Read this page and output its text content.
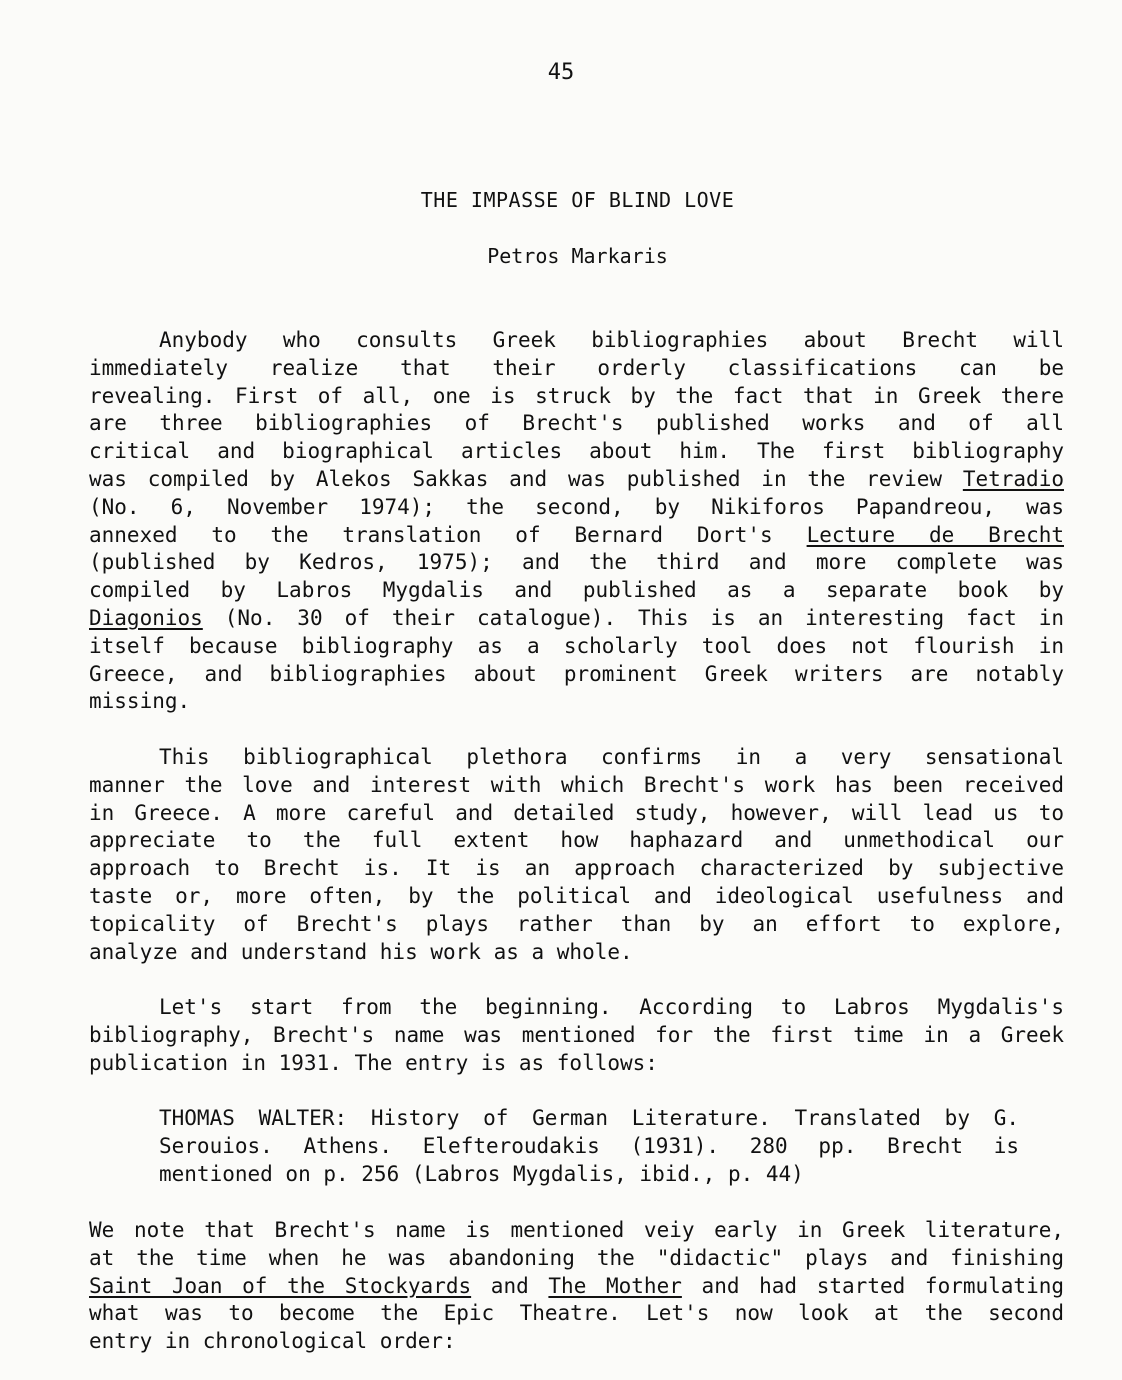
45
THE IMPASSE OF BLIND LOVE
Petros Markaris
Anybody who consults Greek bibliographies about Brecht will
immediately realize that their orderly classifications can be
revealing. First of all, one is struck by the fact that in Greek there
are three bibliographies of Brecht's published works and of all
critical and biographical articles about him. The first bibliography
was compiled by Alekos Sakkas and was published in the review Tetradio
(No. 6, November 1974); the second, by Nikiforos Papandreou, was
annexed to the translation of Bernard Dort's Lecture de Brecht
(published by Kedros, 1975); and the third and more complete was
compiled by Labros Mygdalis and published as a separate book by
Diagonios (No. 30 of their catalogue). This is an interesting fact in
itself because bibliography as a scholarly tool does not flourish in
Greece, and bibliographies about prominent Greek writers are notably
missing.
This bibliographical plethora confirms in a very sensational
manner the love and interest with which Brecht's work has been received
in Greece. A more careful and detailed study, however, will lead us to
appreciate to the full extent how haphazard and unmethodical our
approach to Brecht is. It is an approach characterized by subjective
taste or, more often, by the political and ideological usefulness and
topicality of Brecht's plays rather than by an effort to explore,
analyze and understand his work as a whole.
Let's start from the beginning. According to Labros Mygdalis's
bibliography, Brecht's name was mentioned for the first time in a Greek
publication in 1931. The entry is as follows:
THOMAS WALTER: History of German Literature. Translated by G.
Serouios. Athens. Elefteroudakis (1931). 280 pp. Brecht is
mentioned on p. 256 (Labros Mygdalis, ibid., p. 44)
We note that Brecht's name is mentioned veiy early in Greek literature,
at the time when he was abandoning the "didactic" plays and finishing
Saint Joan of the Stockyards and The Mother and had started formulating
what was to become the Epic Theatre. Let's now look at the second
entry in chronological order:
